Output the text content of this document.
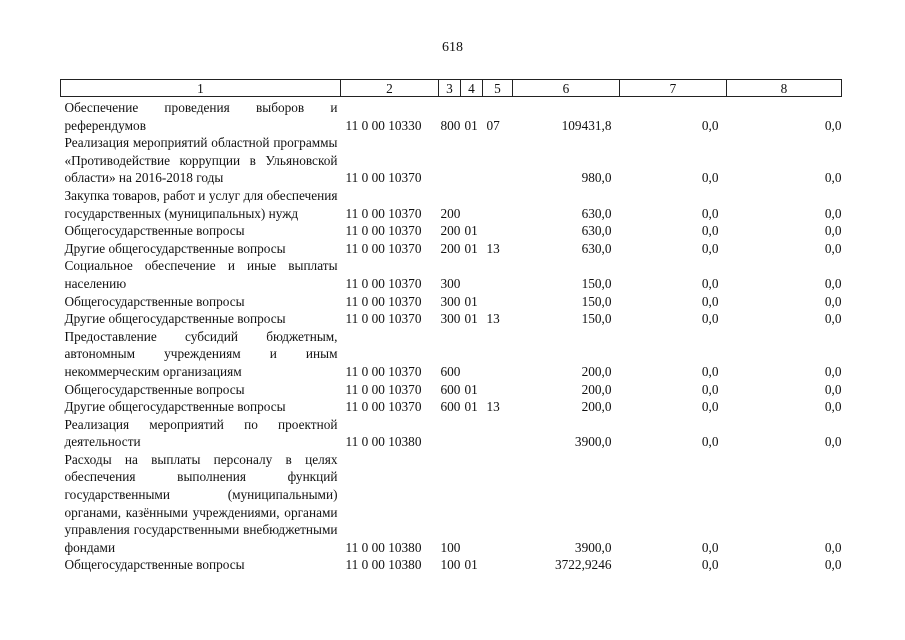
618
1	2	3	4	5	6	7	8
Обеспечение проведения выборов и референдумов	11 0 00 10330	800	01	07	109431,8	0,0	0,0
Реализация мероприятий областной программы «Противодействие коррупции в Ульяновской области» на 2016-2018 годы	11 0 00 10370				980,0	0,0	0,0
Закупка товаров, работ и услуг для обеспечения государственных (муниципальных) нужд	11 0 00 10370	200			630,0	0,0	0,0
Общегосударственные вопросы	11 0 00 10370	200	01		630,0	0,0	0,0
Другие общегосударственные вопросы	11 0 00 10370	200	01	13	630,0	0,0	0,0
Социальное обеспечение и иные выплаты населению	11 0 00 10370	300			150,0	0,0	0,0
Общегосударственные вопросы	11 0 00 10370	300	01		150,0	0,0	0,0
Другие общегосударственные вопросы	11 0 00 10370	300	01	13	150,0	0,0	0,0
Предоставление субсидий бюджетным, автономным учреждениям и иным некоммерческим организациям	11 0 00 10370	600			200,0	0,0	0,0
Общегосударственные вопросы	11 0 00 10370	600	01		200,0	0,0	0,0
Другие общегосударственные вопросы	11 0 00 10370	600	01	13	200,0	0,0	0,0
Реализация мероприятий по проектной деятельности	11 0 00 10380				3900,0	0,0	0,0
Расходы на выплаты персоналу в целях обеспечения выполнения функций государственными (муниципальными) органами, казёнными учреждениями, органами управления государственными внебюджетными фондами	11 0 00 10380	100			3900,0	0,0	0,0
Общегосударственные вопросы	11 0 00 10380	100	01		3722,9246	0,0	0,0
